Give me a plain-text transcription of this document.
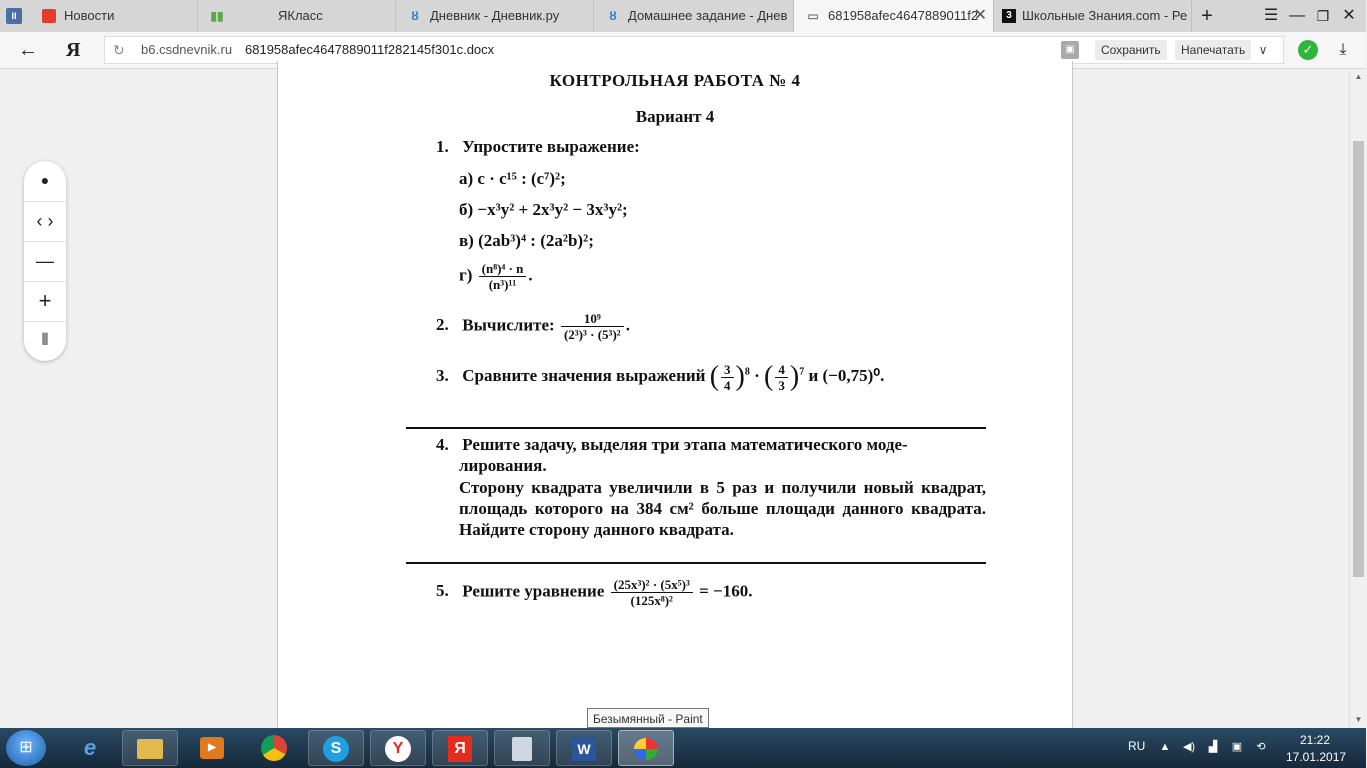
II	Новости	▮▮	ЯКласс	ȣ Дневник - Дневник.ру	ȣ Домашнее задание - Днев ▭ 681958afec4647889011f2
✕	3 Школьные Знания.com - Ре +	☰ — ❐ ✕
← Я	↻	b6.csdnevnik.ru 681958afec4647889011f282145f301c.docx	▣	Сохранить	Напечатать	∨	✓	⤓
КОНТРОЛЬНАЯ РАБОТА № 4
Вариант 4
1. Упростите выражение:
а) c · c¹⁵ : (c⁷)²;
б) −x³y² + 2x³y² − 3x³y²;
в) (2ab³)⁴ : (2a²b)²;
$г) \frac{\text{(n⁸)⁴ · n}}{\text{(n³)¹¹}}$ .
2. Вычислите: $\frac{\text{10⁹}}{\text{(2³)³ · (5³)²}}$ .
3. Сравните значения выражений ( $\frac{3}{4} )^8$ · ( $\frac{4}{3} )^7$ и (−0,75)⁰.
4. Решите задачу, выделяя три этапа математического моде-
лирования.
Сторону квадрата увеличили в 5 раз и получили новый квадрат, площадь которого на 384 см² больше площади данного квадрата. Найдите сторону данного квадрата.
5. Решите уравнение $\frac{\text{(25x³)² · (5x⁵)³}}{\text{(125x⁸)²}} = -160$.
●
‹ ›
—
+
⫴
▲
▼
Безымянный - Paint
⊞	e	▶	S	Y	Я	W	RU ▲ ◀) ▟ ▣ ⟲	21:22
17.01.2017
